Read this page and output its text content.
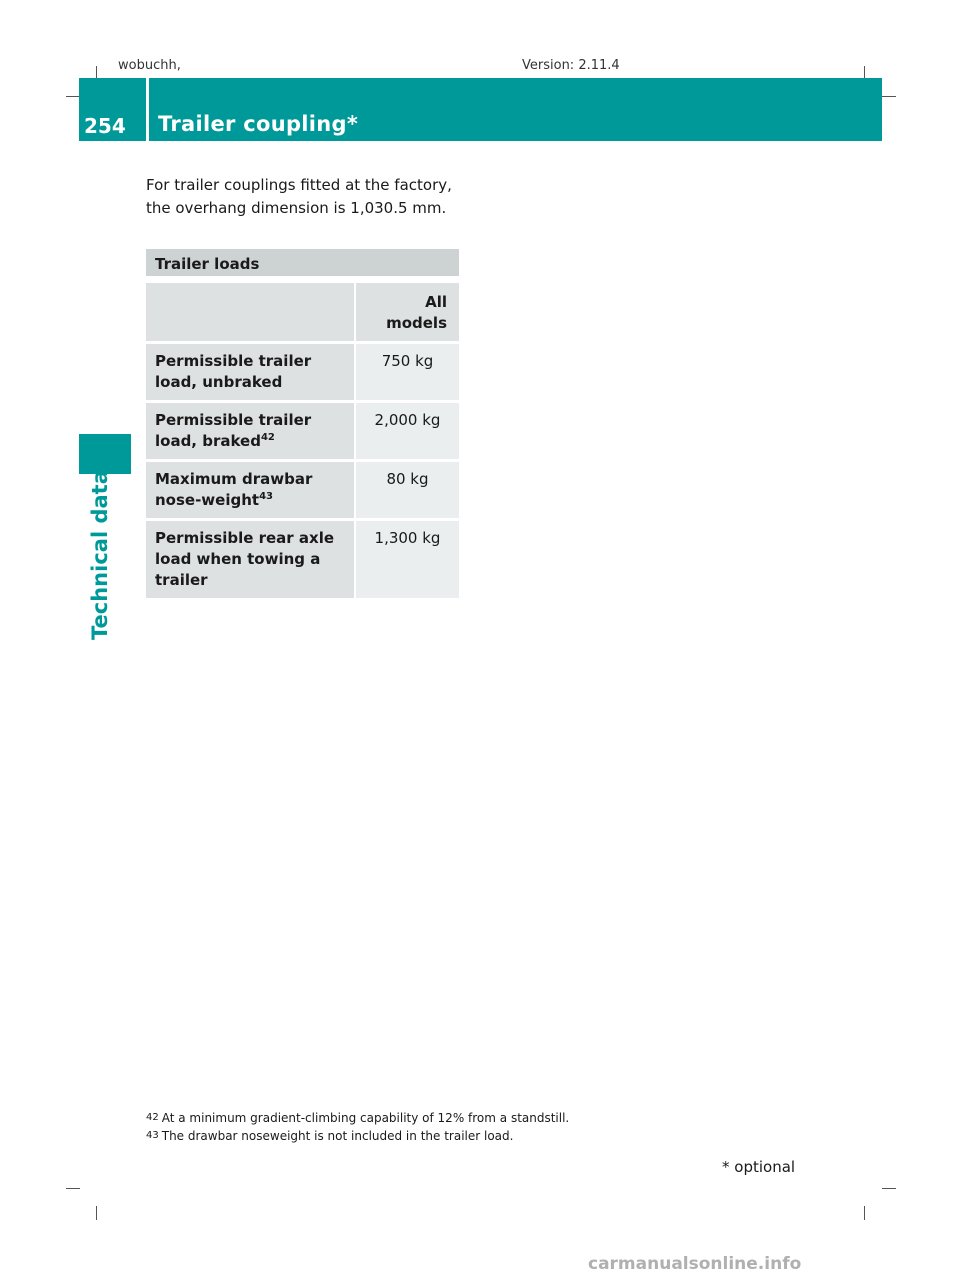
wobuchh,	Version: 2.11.4
254 Trailer coupling*
Technical data

For trailer couplings fitted at the factory, the overhang dimension is 1,030.5 mm.

Trailer loads

All models
Permissible trailer load, unbraked
750 kg
Permissible trailer load, braked$^{42}$
2,000 kg
Maximum drawbar nose-weight$^{43}$
80 kg
Permissible rear axle load when towing a trailer
1,300 kg
42 At a minimum gradient-climbing capability of 12% from a standstill.
43 The drawbar noseweight is not included in the trailer load.
* optional
carmanualsonline.info
